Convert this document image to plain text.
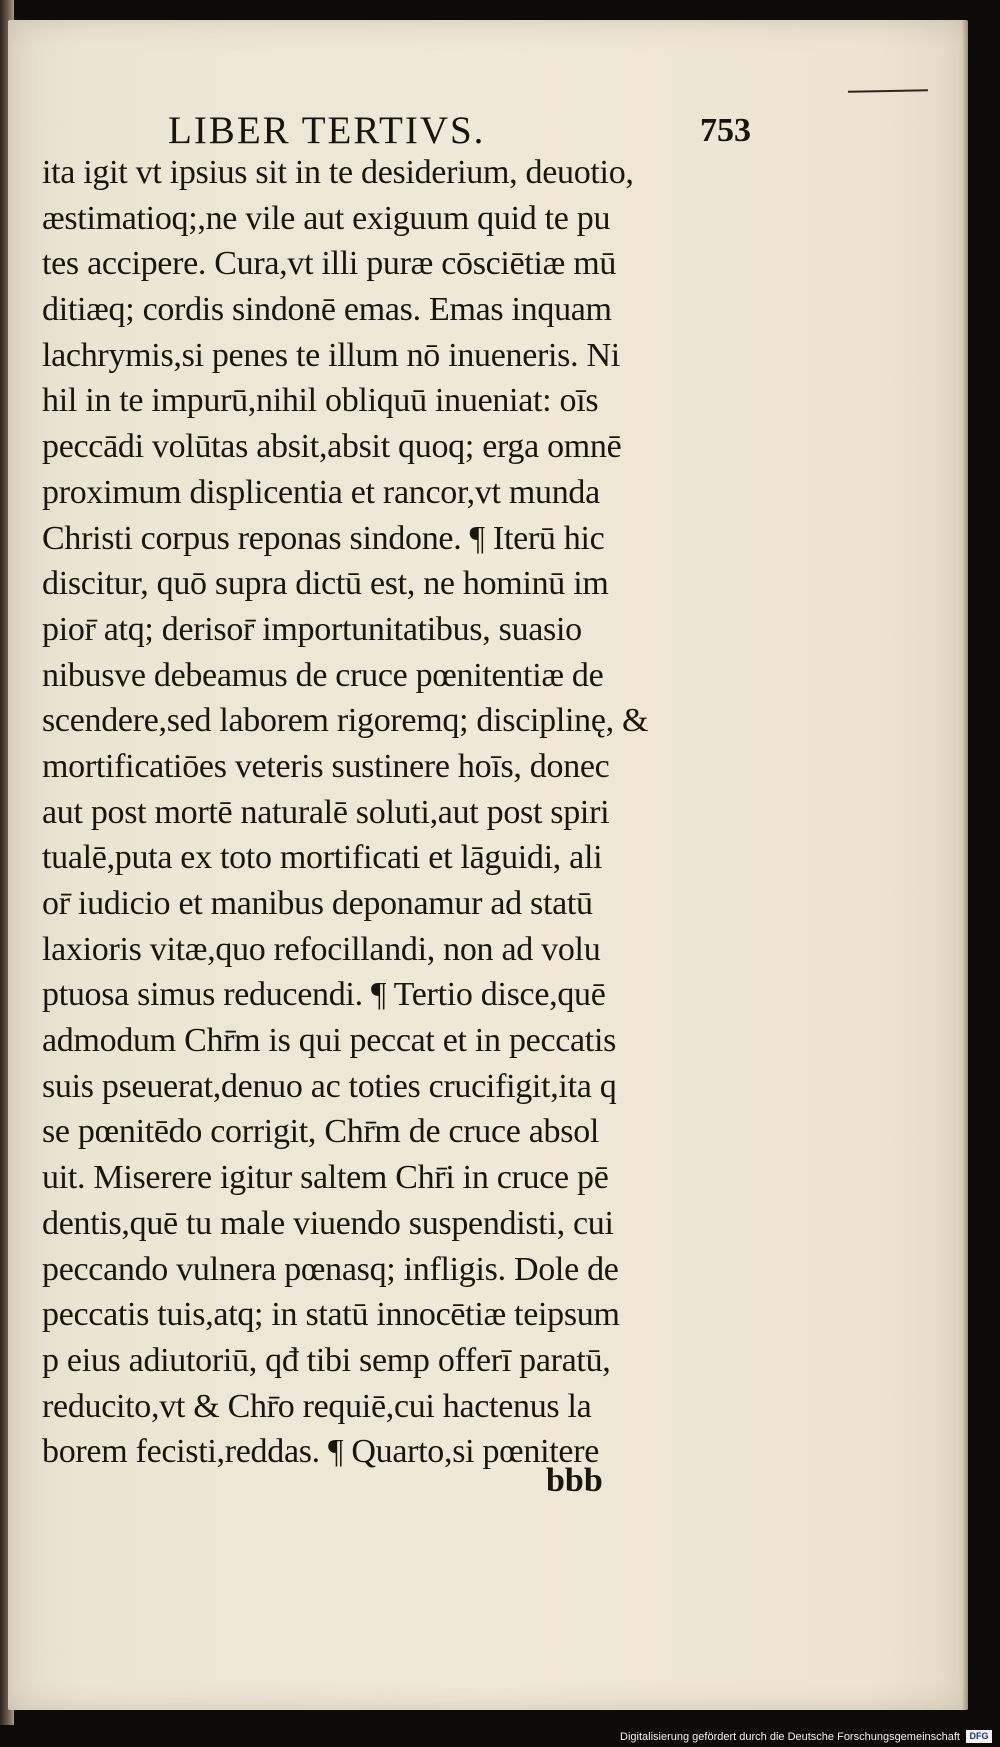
LIBER TERTIVS.	753
ita igit vt ipsius sit in te desiderium, deuotio,
æstimatioq;,ne vile aut exiguum quid te pu
tes accipere. Cura,vt illi puræ cōsciētiæ mū
ditiæq; cordis sindonē emas. Emas inquam
lachrymis,si penes te illum nō inueneris. Ni
hil in te impurū,nihil obliquū inueniat: oīs
peccādi volūtas absit,absit quoq; erga omnē
proximum displicentia et rancor,vt munda
Christi corpus reponas sindone. ¶ Iterū hic
discitur, quō supra dictū est, ne hominū im
pior̄ atq; derisor̄ importunitatibus, suasio
nibusve debeamus de cruce pœnitentiæ de
scendere,sed laborem rigoremq; disciplinę, &
mortificatiōes veteris sustinere hoīs, donec
aut post mortē naturalē soluti,aut post spiri
tualē,puta ex toto mortificati et lāguidi, ali
or̄ iudicio et manibus deponamur ad statū
laxioris vitæ,quo refocillandi, non ad volu
ptuosa simus reducendi. ¶ Tertio disce,quē
admodum Chr̄m is qui peccat et in peccatis
suis pseuerat,denuo ac toties crucifigit,ita q
se pœnitēdo corrigit, Chr̄m de cruce absol
uit. Miserere igitur saltem Chr̄i in cruce pē
dentis,quē tu male viuendo suspendisti, cui
peccando vulnera pœnasq; infligis. Dole de
peccatis tuis,atq; in statū innocētiæ teipsum
p eius adiutoriū, qđ tibi semp offerī paratū,
reducito,vt & Chr̄o requiē,cui hactenus la
borem fecisti,reddas. ¶ Quarto,si pœnitere
bbb
Digitalisierung gefördert durch die Deutsche Forschungsgemeinschaft	DFG
